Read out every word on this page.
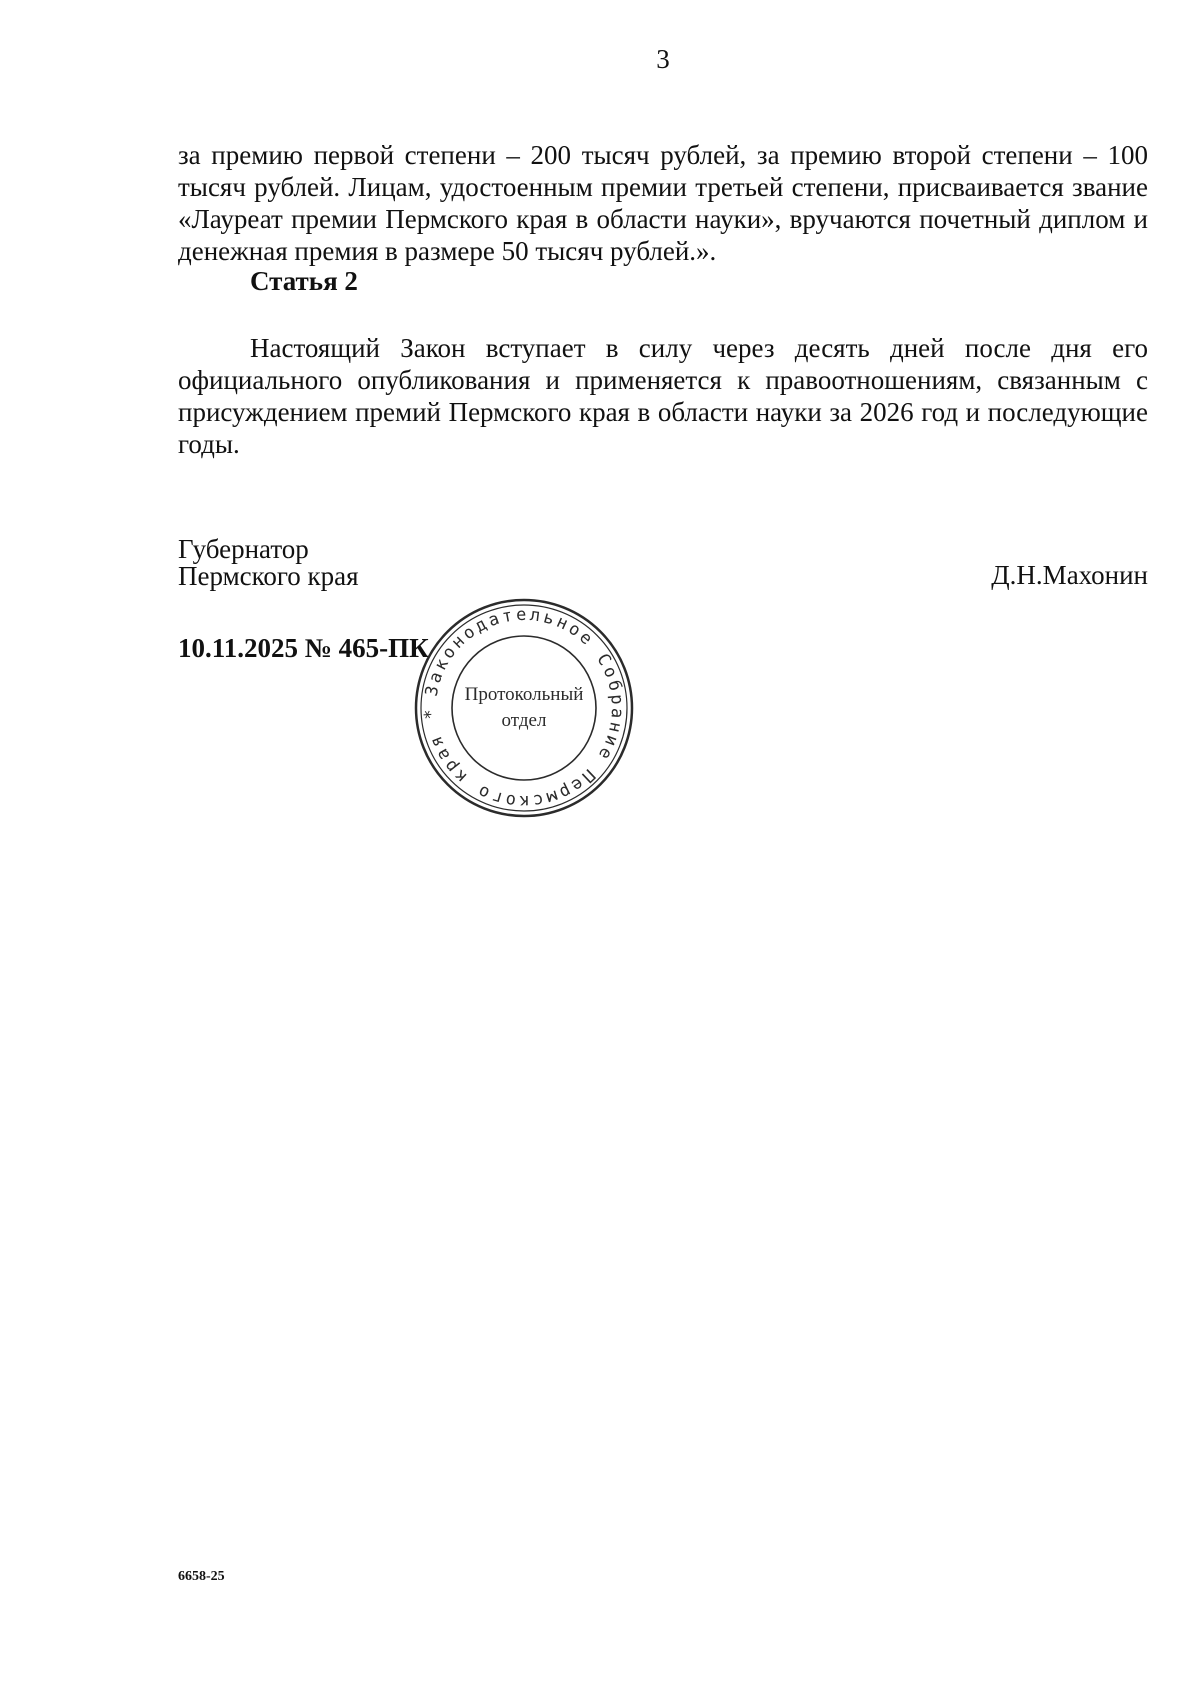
3
за премию первой степени – 200 тысяч рублей, за премию второй степени – 100 тысяч рублей. Лицам, удостоенным премии третьей степени, присваивается звание «Лауреат премии Пермского края в области науки», вручаются почетный диплом и денежная премия в размере 50 тысяч рублей.».
Статья 2
Настоящий Закон вступает в силу через десять дней после дня его официального опубликования и применяется к правоотношениям, связанным с присуждением премий Пермского края в области науки за 2026 год и последующие годы.
Губернатор
Пермского края	Д.Н.Махонин
10.11.2025 № 465-ПК
Законодательное Собрание Пермского края *
Протокольный
отдел
6658-25
